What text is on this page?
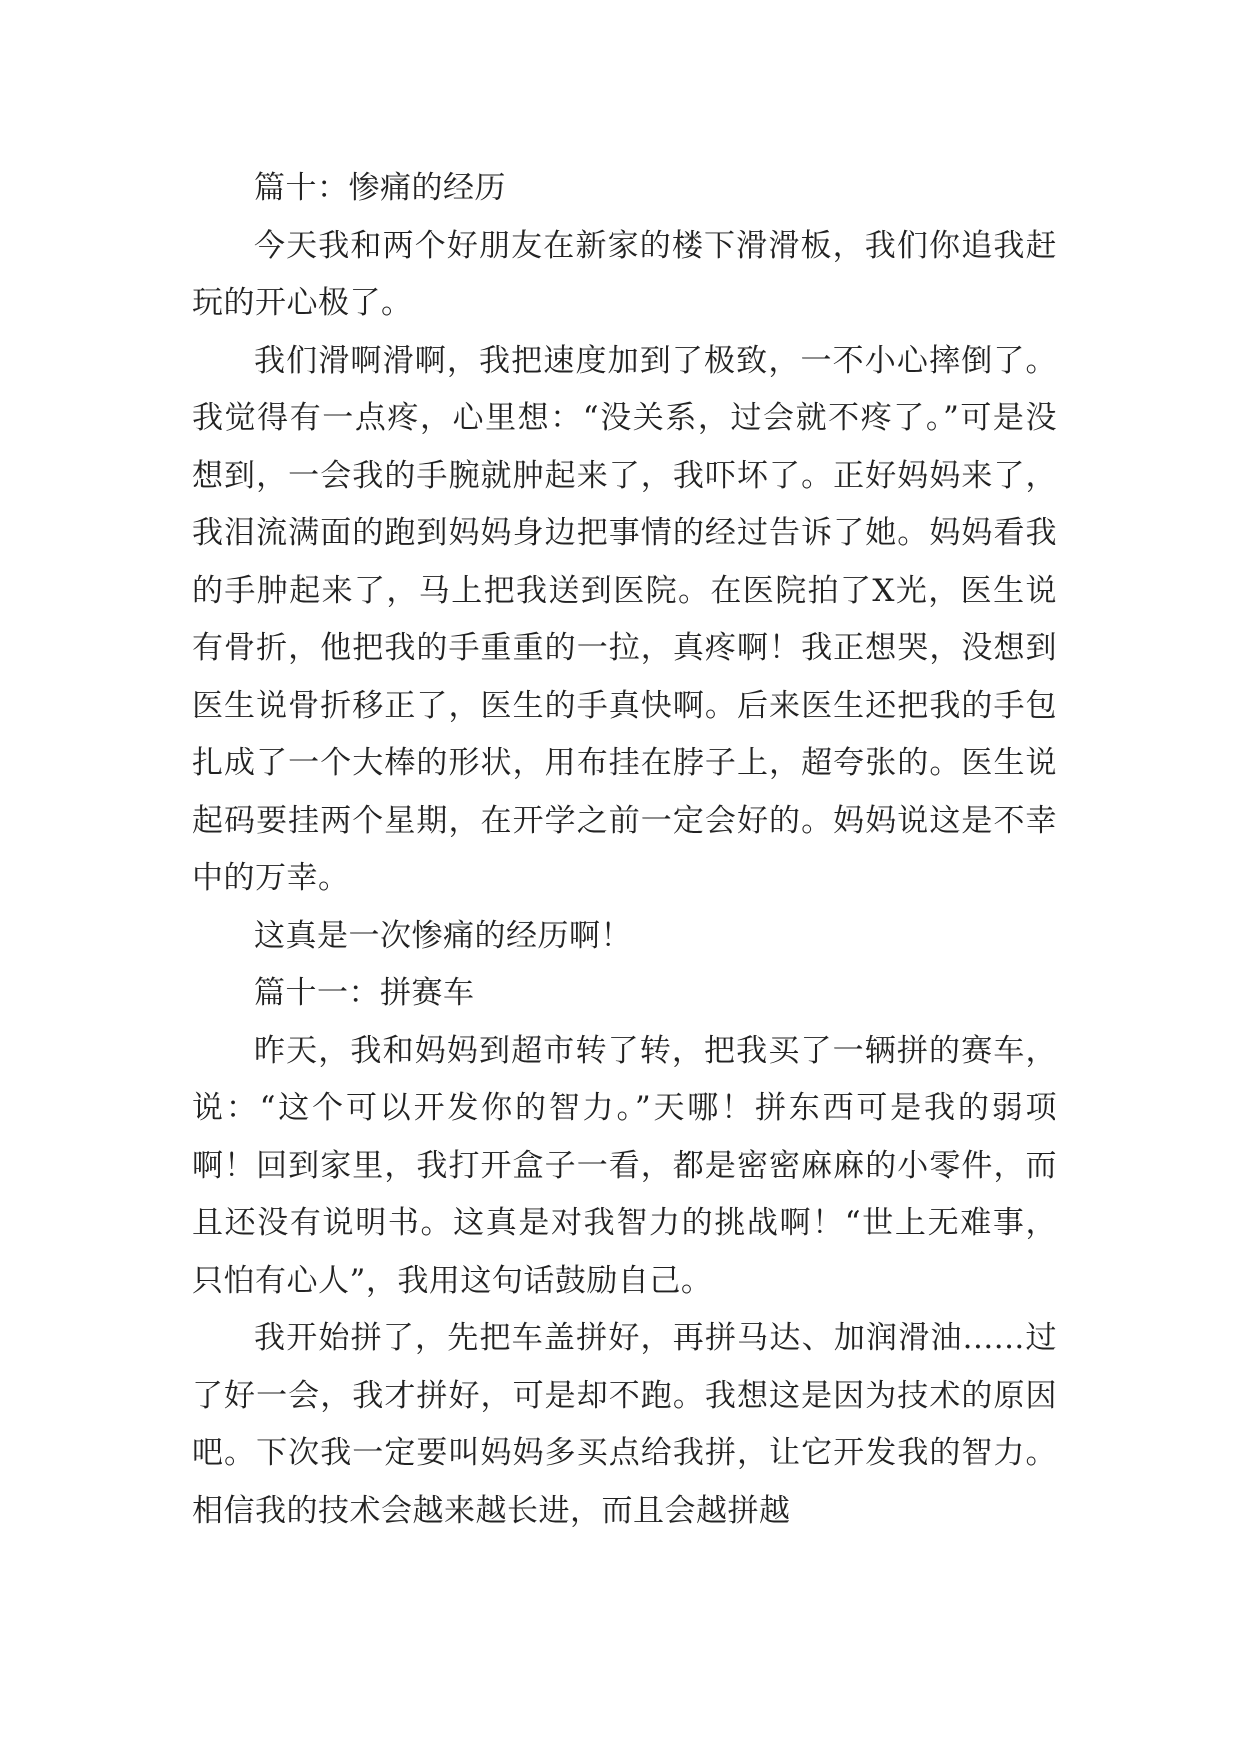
篇十：惨痛的经历

今天我和两个好朋友在新家的楼下滑滑板，我们你追我赶玩的开心极了。

我们滑啊滑啊，我把速度加到了极致，一不小心摔倒了。我觉得有一点疼，心里想：“没关系，过会就不疼了。”可是没想到，一会我的手腕就肿起来了，我吓坏了。正好妈妈来了，我泪流满面的跑到妈妈身边把事情的经过告诉了她。妈妈看我的手肿起来了，马上把我送到医院。在医院拍了X光，医生说有骨折，他把我的手重重的一拉，真疼啊！我正想哭，没想到医生说骨折移正了，医生的手真快啊。后来医生还把我的手包扎成了一个大棒的形状，用布挂在脖子上，超夸张的。医生说起码要挂两个星期，在开学之前一定会好的。妈妈说这是不幸中的万幸。

这真是一次惨痛的经历啊！

篇十一：拼赛车

昨天，我和妈妈到超市转了转，把我买了一辆拼的赛车，说：“这个可以开发你的智力。”天哪！拼东西可是我的弱项啊！回到家里，我打开盒子一看，都是密密麻麻的小零件，而且还没有说明书。这真是对我智力的挑战啊！“世上无难事，只怕有心人”，我用这句话鼓励自己。

我开始拼了，先把车盖拼好，再拼马达、加润滑油......过了好一会，我才拼好，可是却不跑。我想这是因为技术的原因吧。下次我一定要叫妈妈多买点给我拼，让它开发我的智力。相信我的技术会越来越长进，而且会越拼越
